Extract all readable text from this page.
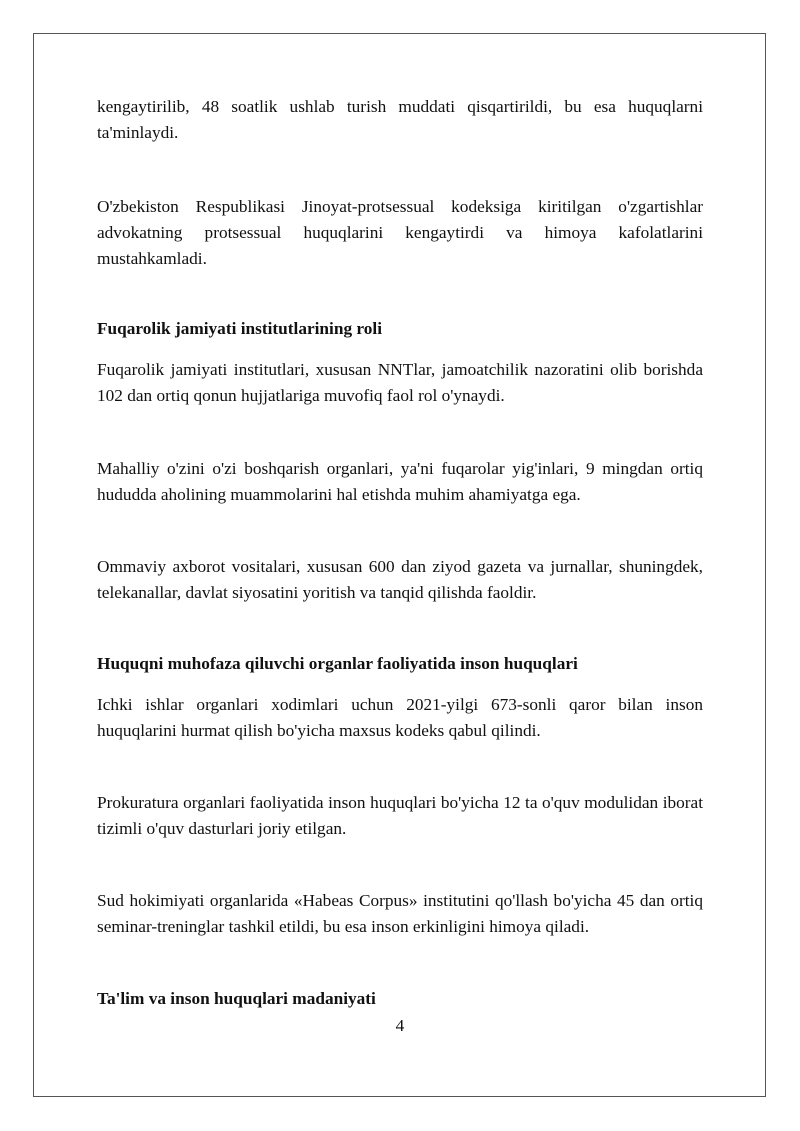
kengaytirilib, 48 soatlik ushlab turish muddati qisqartirildi, bu esa huquqlarni ta'minlaydi.

O'zbekiston Respublikasi Jinoyat-protsessual kodeksiga kiritilgan o'zgartishlar advokatning protsessual huquqlarini kengaytirdi va himoya kafolatlarini mustahkamladi.

Fuqarolik jamiyati institutlarining roli

Fuqarolik jamiyati institutlari, xususan NNTlar, jamoatchilik nazoratini olib borishda 102 dan ortiq qonun hujjatlariga muvofiq faol rol o'ynaydi.

Mahalliy o'zini o'zi boshqarish organlari, ya'ni fuqarolar yig'inlari, 9 mingdan ortiq hududda aholining muammolarini hal etishda muhim ahamiyatga ega.

Ommaviy axborot vositalari, xususan 600 dan ziyod gazeta va jurnallar, shuningdek, telekanallar, davlat siyosatini yoritish va tanqid qilishda faoldir.

Huquqni muhofaza qiluvchi organlar faoliyatida inson huquqlari

Ichki ishlar organlari xodimlari uchun 2021-yilgi 673-sonli qaror bilan inson huquqlarini hurmat qilish bo'yicha maxsus kodeks qabul qilindi.

Prokuratura organlari faoliyatida inson huquqlari bo'yicha 12 ta o'quv modulidan iborat tizimli o'quv dasturlari joriy etilgan.

Sud hokimiyati organlarida «Habeas Corpus» institutini qo'llash bo'yicha 45 dan ortiq seminar-treninglar tashkil etildi, bu esa inson erkinligini himoya qiladi.

Ta'lim va inson huquqlari madaniyati

4
